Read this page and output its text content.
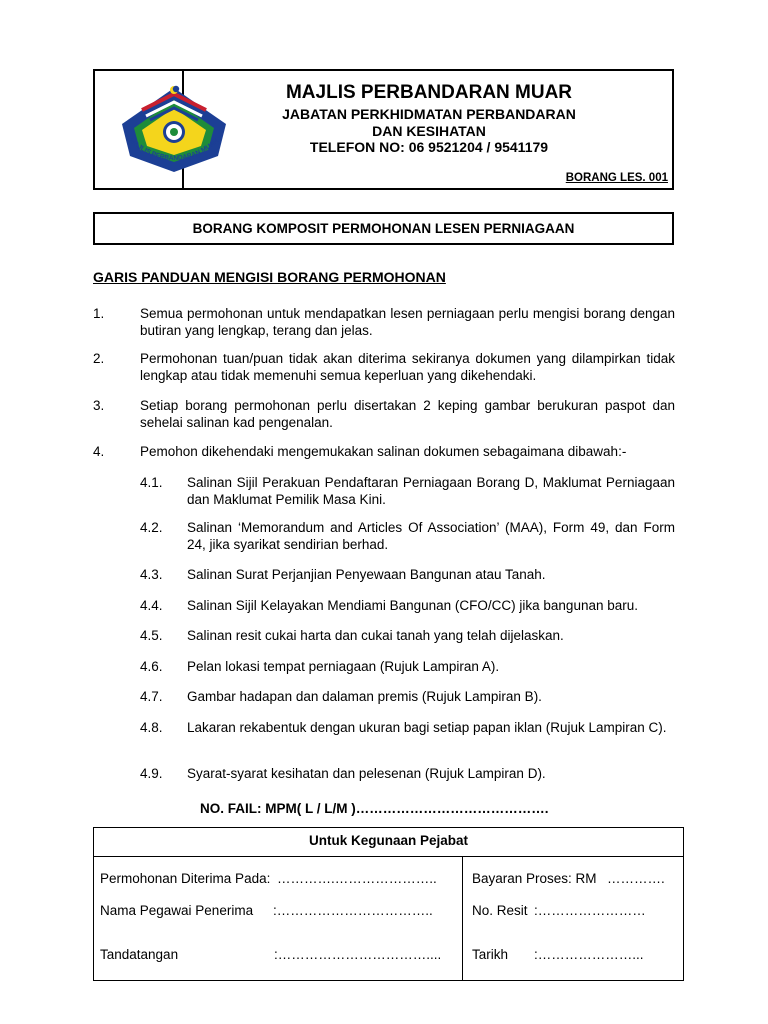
MAJLIS PERBANDARAN MUAR
MAJLIS PERBANDARAN MUAR
JABATAN PERKHIDMATAN PERBANDARAN
DAN KESIHATAN
TELEFON NO: 06 9521204 / 9541179
BORANG LES. 001
BORANG KOMPOSIT PERMOHONAN LESEN PERNIAGAAN
GARIS PANDUAN MENGISI BORANG PERMOHONAN
1.	Semua permohonan untuk mendapatkan lesen perniagaan perlu mengisi borang dengan butiran yang lengkap, terang dan jelas.
2.	Permohonan tuan/puan tidak akan diterima sekiranya dokumen yang dilampirkan tidak lengkap atau tidak memenuhi semua keperluan yang dikehendaki.
3.	Setiap borang permohonan perlu disertakan 2 keping gambar berukuran paspot dan sehelai salinan kad pengenalan.
4.	Pemohon dikehendaki mengemukakan salinan dokumen sebagaimana dibawah:-
4.1. Salinan Sijil Perakuan Pendaftaran Perniagaan Borang D, Maklumat Perniagaan dan Maklumat Pemilik Masa Kini.
4.2. Salinan ‘Memorandum and Articles Of Association’ (MAA), Form 49, dan Form 24, jika syarikat sendirian berhad.
4.3. Salinan Surat Perjanjian Penyewaan Bangunan atau Tanah.
4.4. Salinan Sijil Kelayakan Mendiami Bangunan (CFO/CC) jika bangunan baru.
4.5. Salinan resit cukai harta dan cukai tanah yang telah dijelaskan.
4.6. Pelan lokasi tempat perniagaan (Rujuk Lampiran A).
4.7. Gambar hadapan dan dalaman premis (Rujuk Lampiran B).
4.8. Lakaran rekabentuk dengan ukuran bagi setiap papan iklan (Rujuk Lampiran C).
4.9. Syarat-syarat kesihatan dan pelesenan (Rujuk Lampiran D).
NO. FAIL: MPM( L / L/M )…………………………………….
Untuk Kegunaan Pejabat
Permohonan Diterima Pada: ………….…………………..
Nama Pegawai Penerima :……………………………..
Tandatangan	:……………………………....
Bayaran Proses: RM ………….
No. Resit :……………………
Tarikh :…………………...
